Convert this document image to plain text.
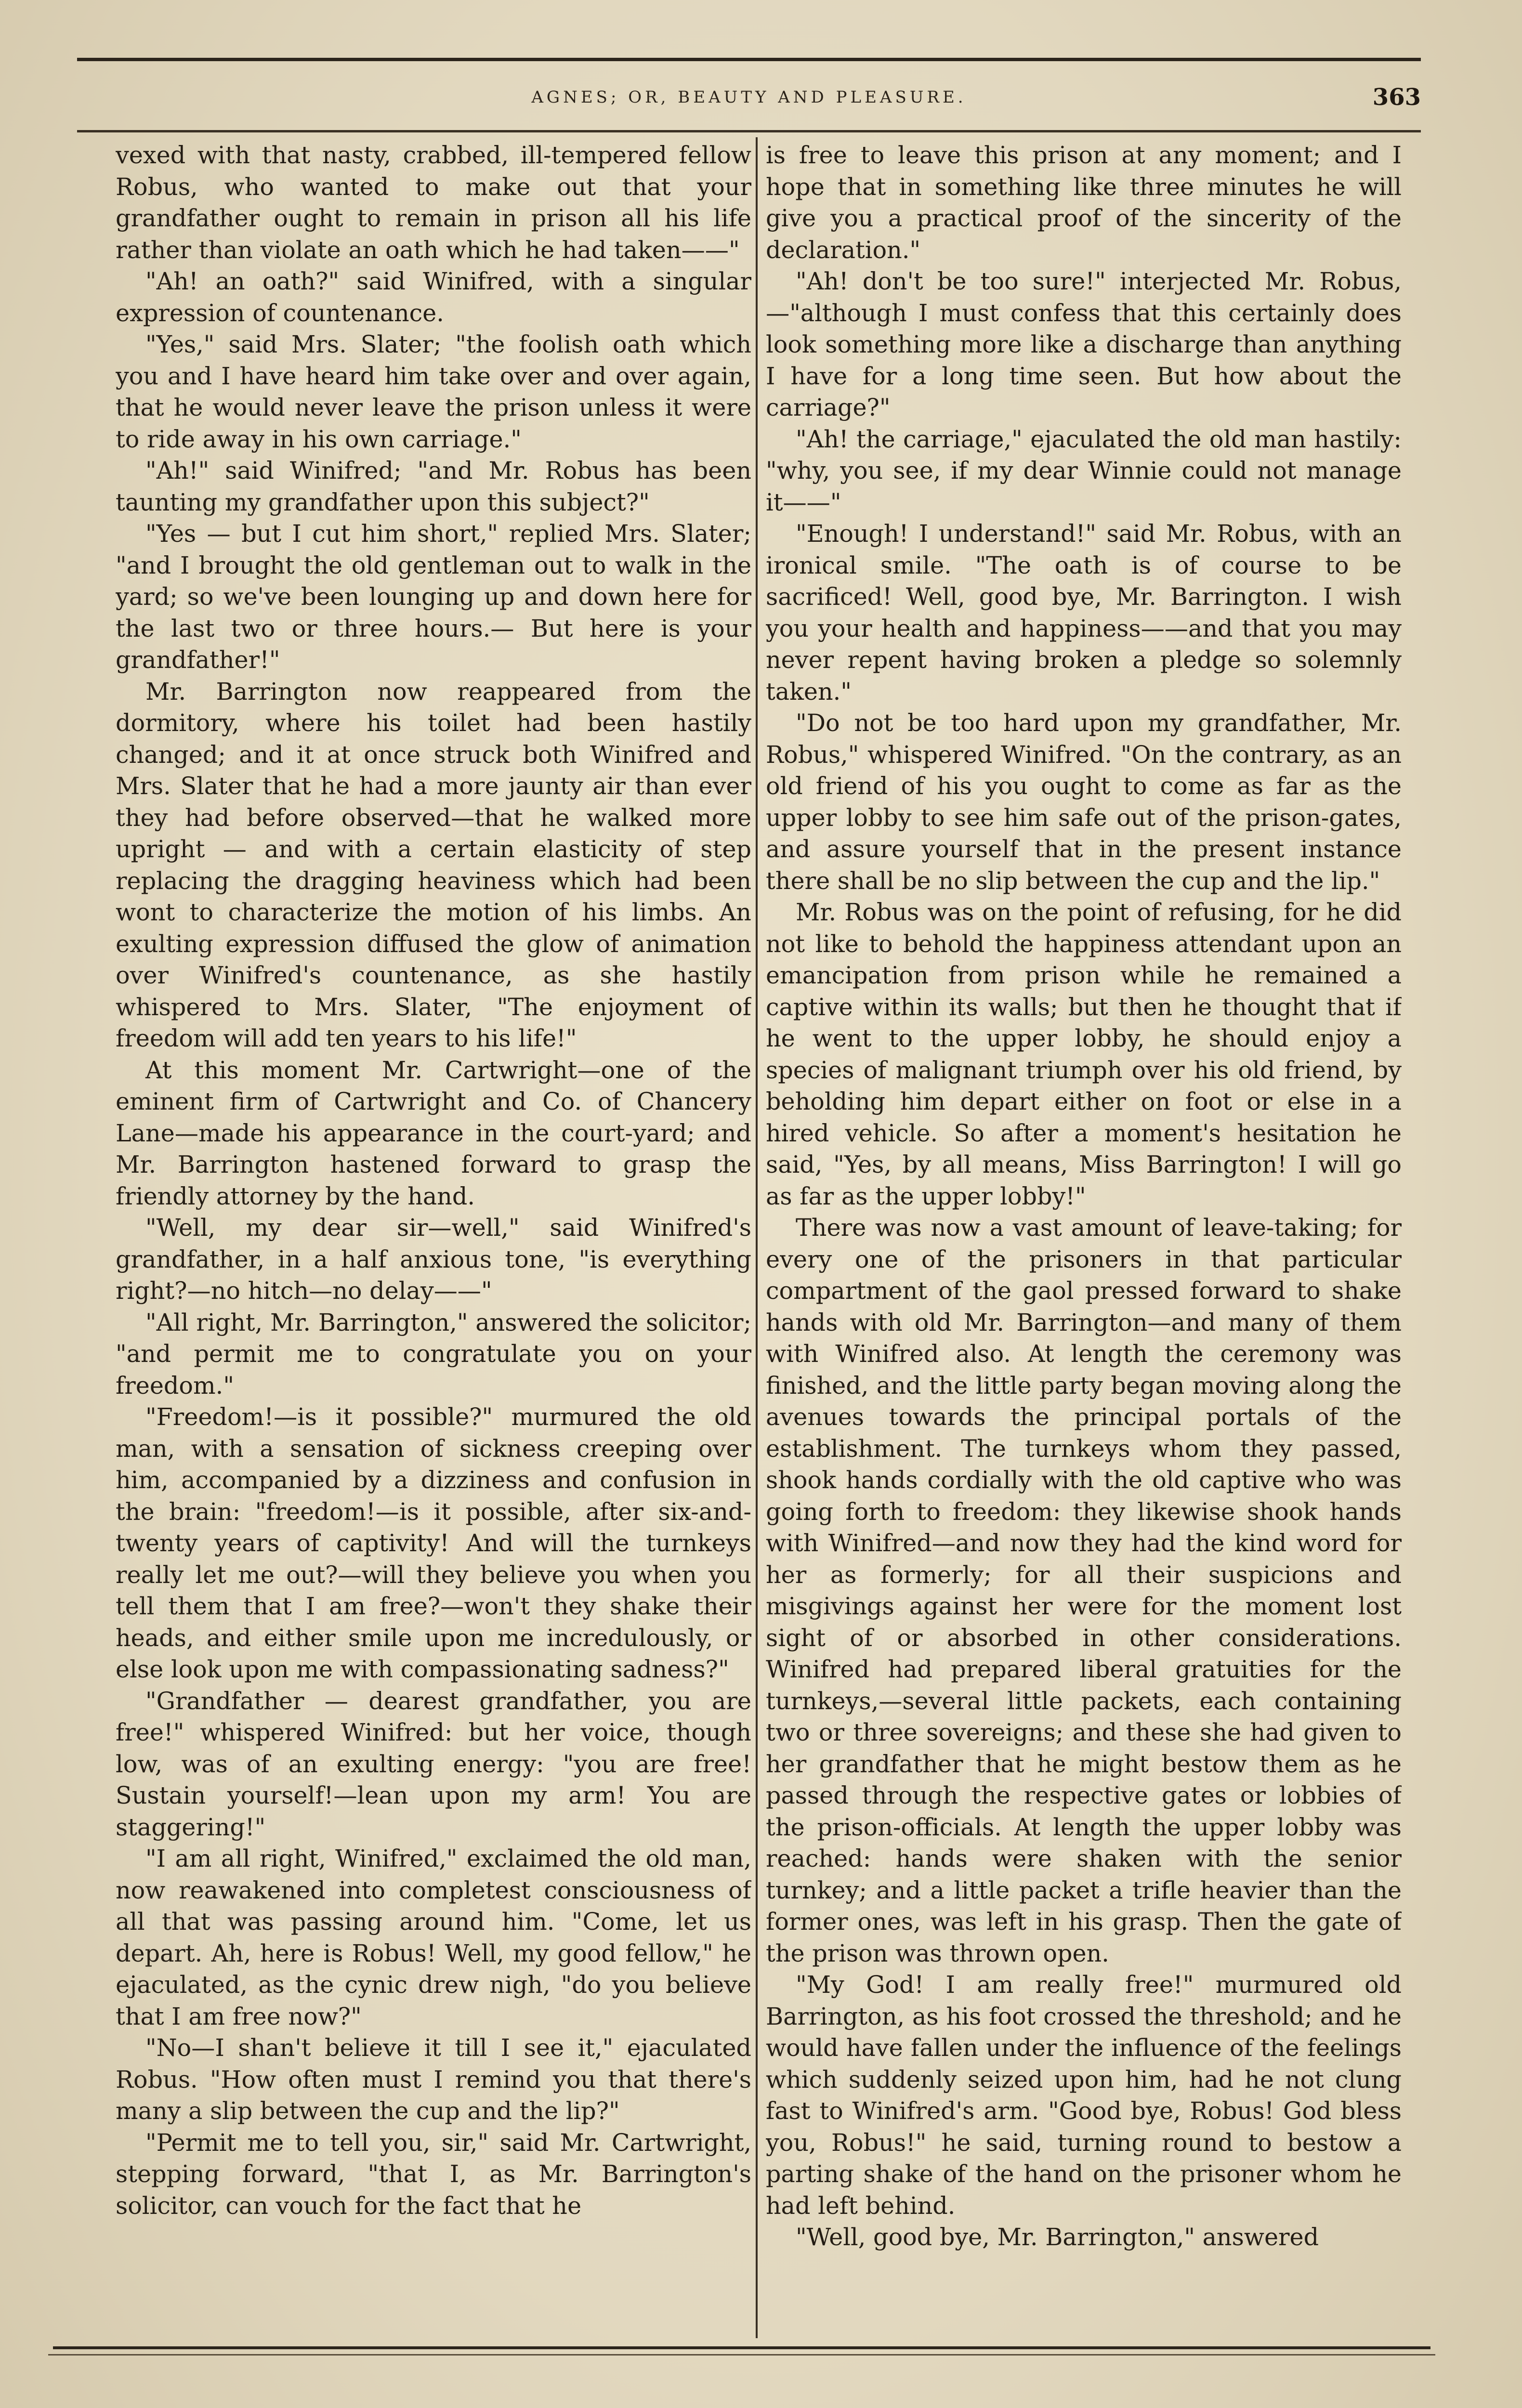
AGNES; OR, BEAUTY AND PLEASURE.	363

vexed with that nasty, crabbed, ill-tempered fellow Robus, who wanted to make out that your grandfather ought to remain in prison all his life rather than violate an oath which he had taken——"

"Ah! an oath?" said Winifred, with a singular expression of countenance.

"Yes," said Mrs. Slater; "the foolish oath which you and I have heard him take over and over again, that he would never leave the prison unless it were to ride away in his own carriage."

"Ah!" said Winifred; "and Mr. Robus has been taunting my grandfather upon this subject?"

"Yes — but I cut him short," replied Mrs. Slater; "and I brought the old gentleman out to walk in the yard; so we've been lounging up and down here for the last two or three hours.— But here is your grandfather!"

Mr. Barrington now reappeared from the dormitory, where his toilet had been hastily changed; and it at once struck both Winifred and Mrs. Slater that he had a more jaunty air than ever they had before observed—that he walked more upright — and with a certain elasticity of step replacing the dragging heaviness which had been wont to characterize the motion of his limbs. An exulting expression diffused the glow of animation over Winifred's countenance, as she hastily whispered to Mrs. Slater, "The enjoyment of freedom will add ten years to his life!"

At this moment Mr. Cartwright—one of the eminent firm of Cartwright and Co. of Chancery Lane—made his appearance in the court-yard; and Mr. Barrington hastened forward to grasp the friendly attorney by the hand.

"Well, my dear sir—well," said Winifred's grandfather, in a half anxious tone, "is everything right?—no hitch—no delay——"

"All right, Mr. Barrington," answered the solicitor; "and permit me to congratulate you on your freedom."

"Freedom!—is it possible?" murmured the old man, with a sensation of sickness creeping over him, accompanied by a dizziness and confusion in the brain: "freedom!—is it possible, after six-and-twenty years of captivity! And will the turnkeys really let me out?—will they believe you when you tell them that I am free?—won't they shake their heads, and either smile upon me incredulously, or else look upon me with compassionating sadness?"

"Grandfather — dearest grandfather, you are free!" whispered Winifred: but her voice, though low, was of an exulting energy: "you are free! Sustain yourself!—lean upon my arm! You are staggering!"

"I am all right, Winifred," exclaimed the old man, now reawakened into completest consciousness of all that was passing around him. "Come, let us depart. Ah, here is Robus! Well, my good fellow," he ejaculated, as the cynic drew nigh, "do you believe that I am free now?"

"No—I shan't believe it till I see it," ejaculated Robus. "How often must I remind you that there's many a slip between the cup and the lip?"

"Permit me to tell you, sir," said Mr. Cartwright, stepping forward, "that I, as Mr. Barrington's solicitor, can vouch for the fact that he

is free to leave this prison at any moment; and I hope that in something like three minutes he will give you a practical proof of the sincerity of the declaration."

"Ah! don't be too sure!" interjected Mr. Robus,—"although I must confess that this certainly does look something more like a discharge than anything I have for a long time seen. But how about the carriage?"

"Ah! the carriage," ejaculated the old man hastily: "why, you see, if my dear Winnie could not manage it——"

"Enough! I understand!" said Mr. Robus, with an ironical smile. "The oath is of course to be sacrificed! Well, good bye, Mr. Barrington. I wish you your health and happiness——and that you may never repent having broken a pledge so solemnly taken."

"Do not be too hard upon my grandfather, Mr. Robus," whispered Winifred. "On the contrary, as an old friend of his you ought to come as far as the upper lobby to see him safe out of the prison-gates, and assure yourself that in the present instance there shall be no slip between the cup and the lip."

Mr. Robus was on the point of refusing, for he did not like to behold the happiness attendant upon an emancipation from prison while he remained a captive within its walls; but then he thought that if he went to the upper lobby, he should enjoy a species of malignant triumph over his old friend, by beholding him depart either on foot or else in a hired vehicle. So after a moment's hesitation he said, "Yes, by all means, Miss Barrington! I will go as far as the upper lobby!"

There was now a vast amount of leave-taking; for every one of the prisoners in that particular compartment of the gaol pressed forward to shake hands with old Mr. Barrington—and many of them with Winifred also. At length the ceremony was finished, and the little party began moving along the avenues towards the principal portals of the establishment. The turnkeys whom they passed, shook hands cordially with the old captive who was going forth to freedom: they likewise shook hands with Winifred—and now they had the kind word for her as formerly; for all their suspicions and misgivings against her were for the moment lost sight of or absorbed in other considerations. Winifred had prepared liberal gratuities for the turnkeys,—several little packets, each containing two or three sovereigns; and these she had given to her grandfather that he might bestow them as he passed through the respective gates or lobbies of the prison-officials. At length the upper lobby was reached: hands were shaken with the senior turnkey; and a little packet a trifle heavier than the former ones, was left in his grasp. Then the gate of the prison was thrown open.

"My God! I am really free!" murmured old Barrington, as his foot crossed the threshold; and he would have fallen under the influence of the feelings which suddenly seized upon him, had he not clung fast to Winifred's arm. "Good bye, Robus! God bless you, Robus!" he said, turning round to bestow a parting shake of the hand on the prisoner whom he had left behind.

"Well, good bye, Mr. Barrington," answered
